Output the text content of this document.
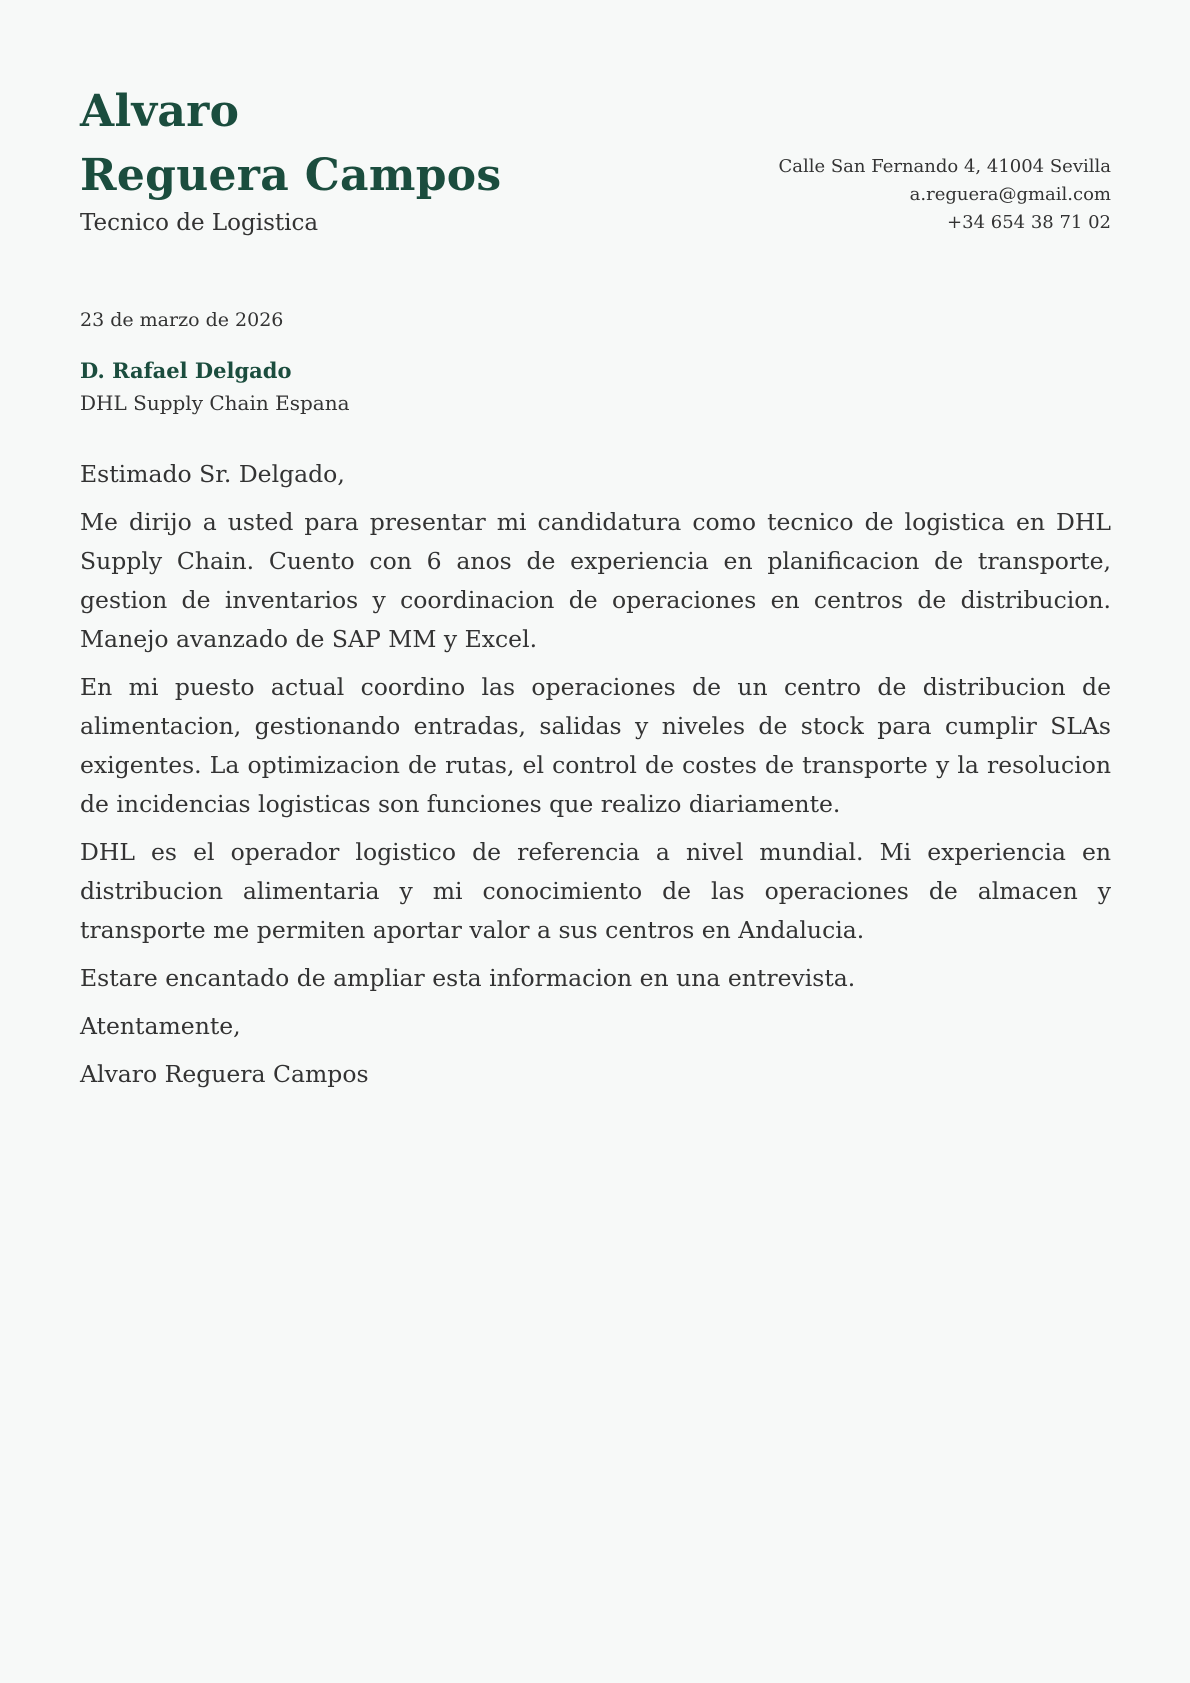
Alvaro
Reguera Campos
Tecnico de Logistica
Calle San Fernando 4, 41004 Sevilla
a.reguera@gmail.com
+34 654 38 71 02
23 de marzo de 2026
D. Rafael Delgado
DHL Supply Chain Espana

Estimado Sr. Delgado,

Me dirijo a usted para presentar mi candidatura como tecnico de logistica en DHL Supply Chain. Cuento con 6 anos de experiencia en planificacion de transporte, gestion de inventarios y coordinacion de operaciones en centros de distribucion. Manejo avanzado de SAP MM y Excel.

En mi puesto actual coordino las operaciones de un centro de distribucion de alimentacion, gestionando entradas, salidas y niveles de stock para cumplir SLAs exigentes. La optimizacion de rutas, el control de costes de transporte y la resolucion de incidencias logisticas son funciones que realizo diariamente.

DHL es el operador logistico de referencia a nivel mundial. Mi experiencia en distribucion alimentaria y mi conocimiento de las operaciones de almacen y transporte me permiten aportar valor a sus centros en Andalucia.

Estare encantado de ampliar esta informacion en una entrevista.

Atentamente,

Alvaro Reguera Campos
